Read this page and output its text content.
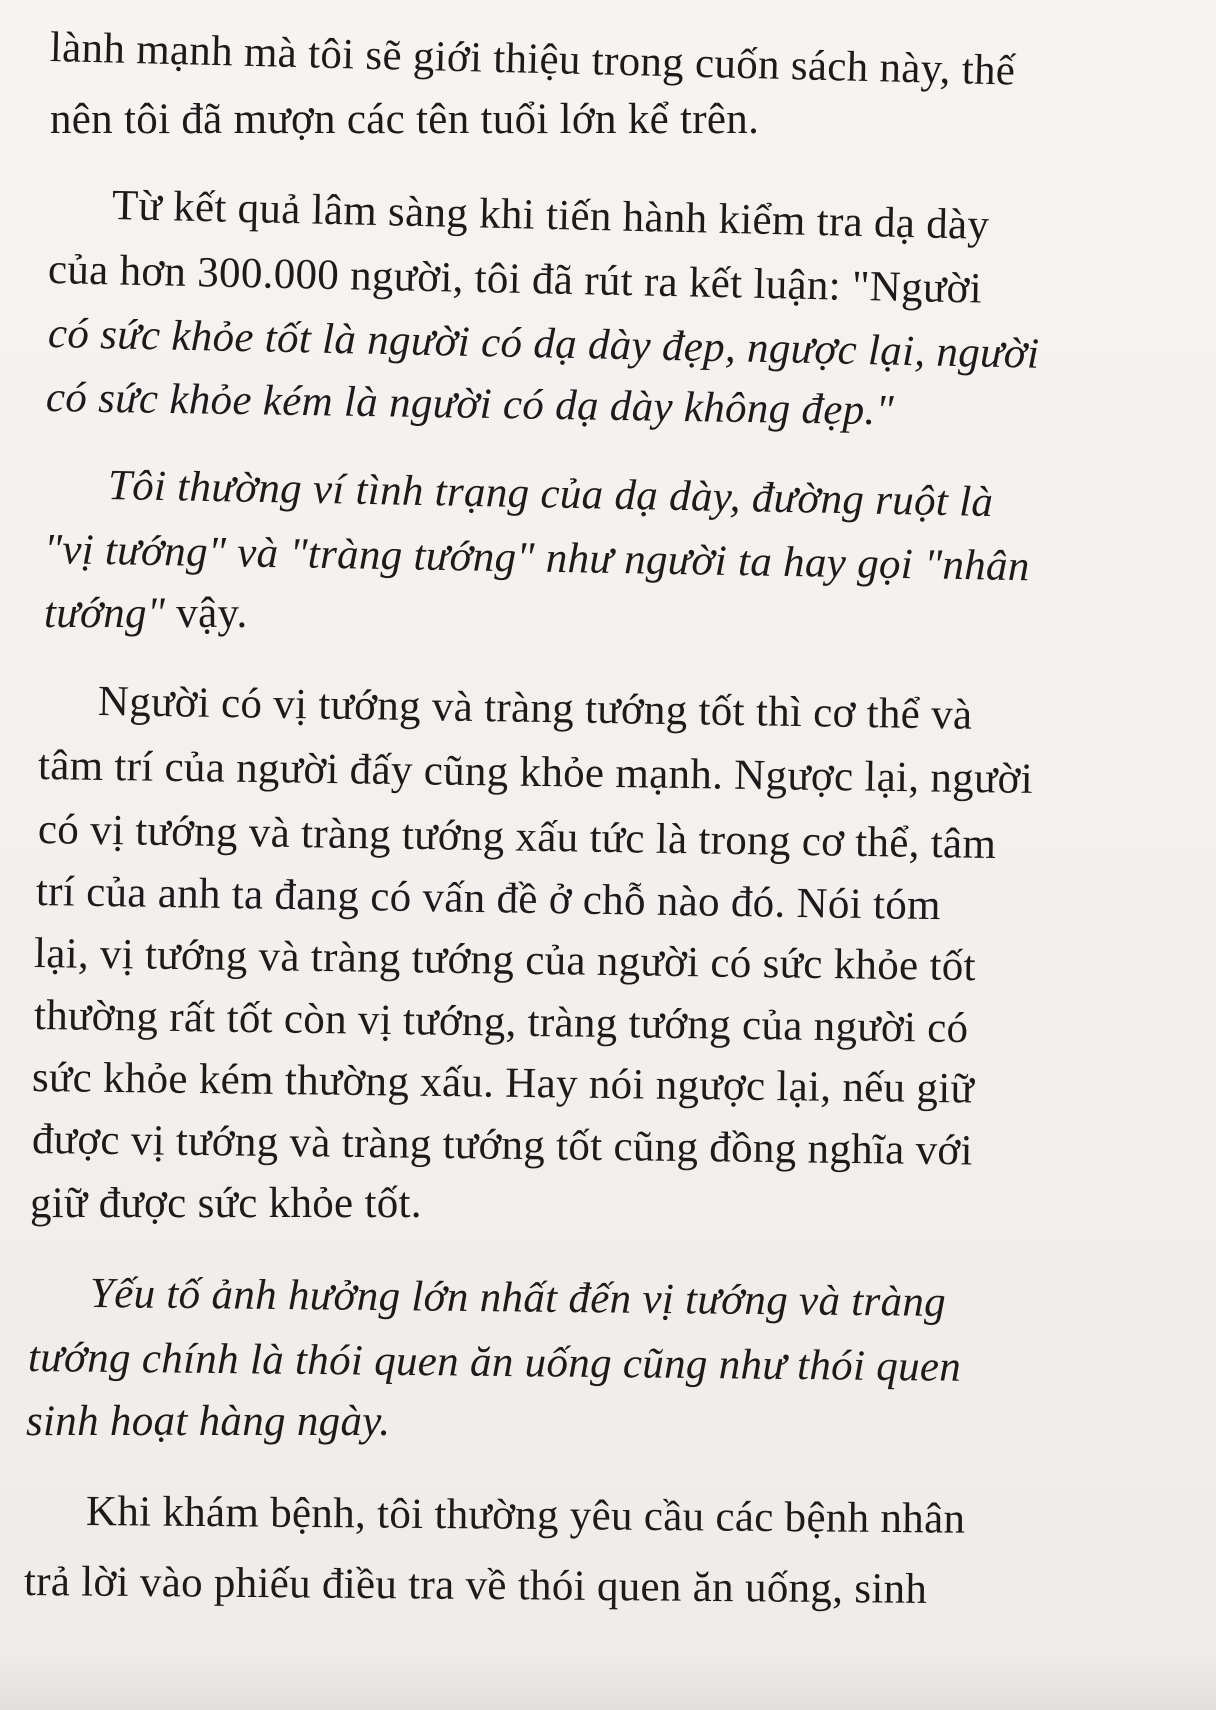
lành mạnh mà tôi sẽ giới thiệu trong cuốn sách này, thế
nên tôi đã mượn các tên tuổi lớn kể trên.
Từ kết quả lâm sàng khi tiến hành kiểm tra dạ dày
của hơn 300.000 người, tôi đã rút ra kết luận: "Người
có sức khỏe tốt là người có dạ dày đẹp, ngược lại, người
có sức khỏe kém là người có dạ dày không đẹp."
Tôi thường ví tình trạng của dạ dày, đường ruột là
"vị tướng" và "tràng tướng" như người ta hay gọi "nhân
tướng" vậy.
Người có vị tướng và tràng tướng tốt thì cơ thể và
tâm trí của người đấy cũng khỏe mạnh. Ngược lại, người
có vị tướng và tràng tướng xấu tức là trong cơ thể, tâm
trí của anh ta đang có vấn đề ở chỗ nào đó. Nói tóm
lại, vị tướng và tràng tướng của người có sức khỏe tốt
thường rất tốt còn vị tướng, tràng tướng của người có
sức khỏe kém thường xấu. Hay nói ngược lại, nếu giữ
được vị tướng và tràng tướng tốt cũng đồng nghĩa với
giữ được sức khỏe tốt.
Yếu tố ảnh hưởng lớn nhất đến vị tướng và tràng
tướng chính là thói quen ăn uống cũng như thói quen
sinh hoạt hàng ngày.
Khi khám bệnh, tôi thường yêu cầu các bệnh nhân
trả lời vào phiếu điều tra về thói quen ăn uống, sinh
